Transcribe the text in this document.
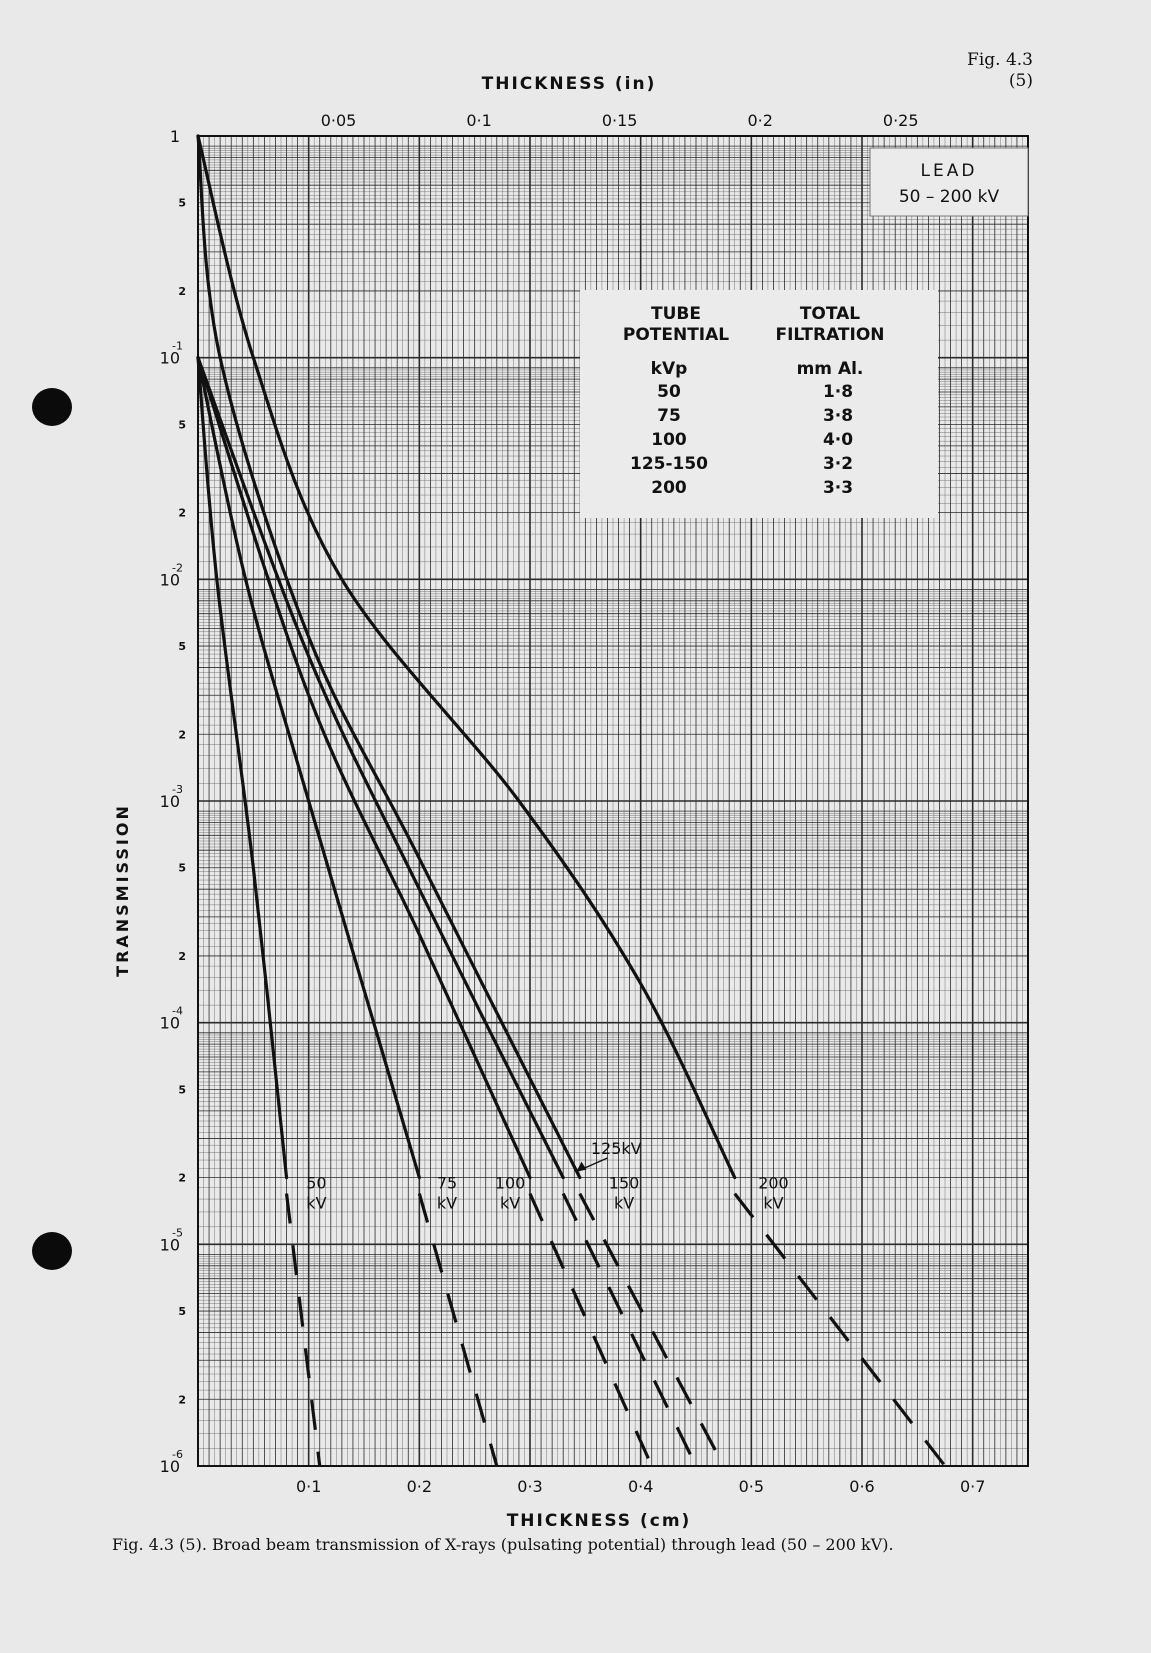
Fig. 4.3
(5)
LEAD
50 – 200 kV
TUBE
POTENTIAL
TOTAL
FILTRATION
kVp	mm Al.
50	1·8
75	3·8
100	4·0
125-150	3·2
200	3·3
50
kV
75
kV
100
kV
125kV
150
kV
200
kV
0·1	0·2	0·3	0·4	0·5	0·6	0·7
0·05	0·1	0·15	0·2	0·25
1
10
-1
10
-2
10
-3
10
-4
10
-5
10
-6
5
2
5
2
5
2
5
2
5
2
5
2
THICKNESS (cm)
THICKNESS (in)
TRANSMISSION
Fig. 4.3 (5). Broad beam transmission of X-rays (pulsating potential) through lead (50 – 200 kV).
